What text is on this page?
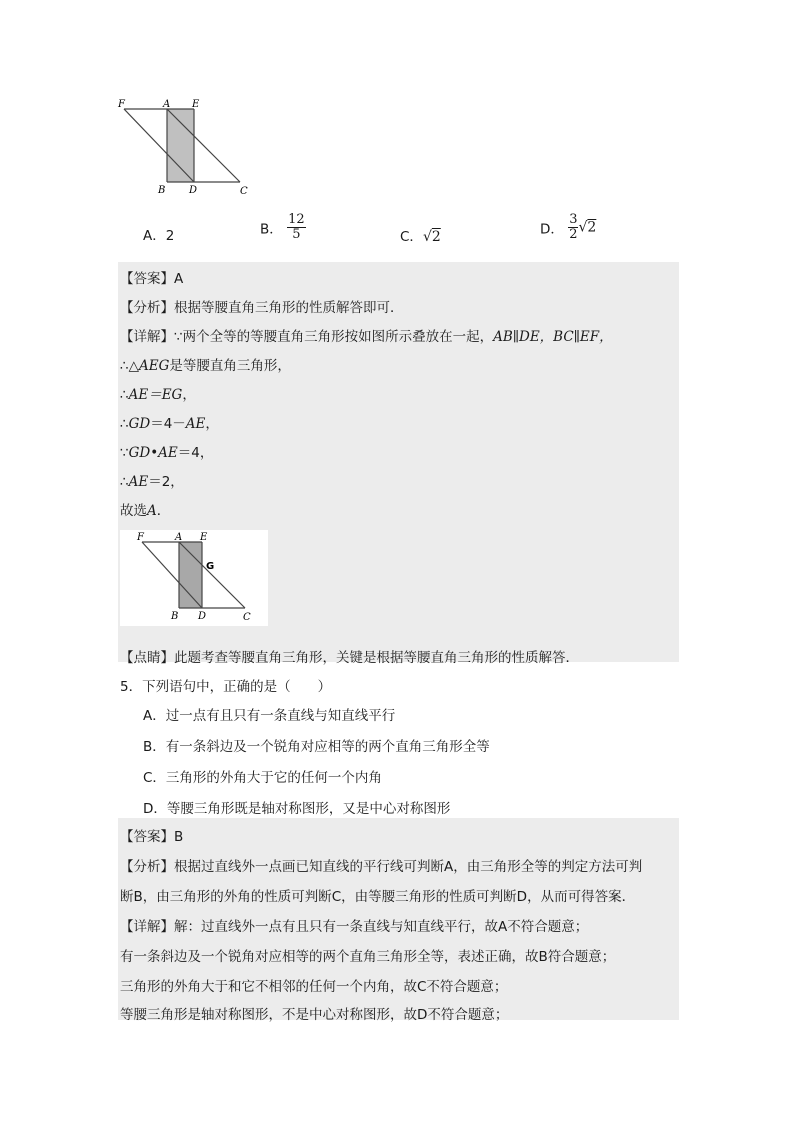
F	A E
B D	C
A．2	B． $\frac{12}{5}$	C．√2	D． $\frac{3}{2} √2$
【答案】A
【分析】根据等腰直角三角形的性质解答即可．
【详解】∵两个全等的等腰直角三角形按如图所示叠放在一起，AB∥DE，BC∥EF，
∴△AEG是等腰直角三角形，
∴AE＝EG，
∴GD＝4－AE，
∵GD•AE＝4，
∴AE＝2，
故选A．
F	A E
G
B D	C
【点睛】此题考查等腰直角三角形，关键是根据等腰直角三角形的性质解答．
5．下列语句中，正确的是（　　）
A．过一点有且只有一条直线与知直线平行
B．有一条斜边及一个锐角对应相等的两个直角三角形全等
C．三角形的外角大于它的任何一个内角
D．等腰三角形既是轴对称图形，又是中心对称图形
【答案】B
【分析】根据过直线外一点画已知直线的平行线可判断A，由三角形全等的判定方法可判
断B，由三角形的外角的性质可判断C，由等腰三角形的性质可判断D，从而可得答案．
【详解】解：过直线外一点有且只有一条直线与知直线平行，故A不符合题意；
有一条斜边及一个锐角对应相等的两个直角三角形全等，表述正确，故B符合题意；
三角形的外角大于和它不相邻的任何一个内角，故C不符合题意；
等腰三角形是轴对称图形，不是中心对称图形，故D不符合题意；
